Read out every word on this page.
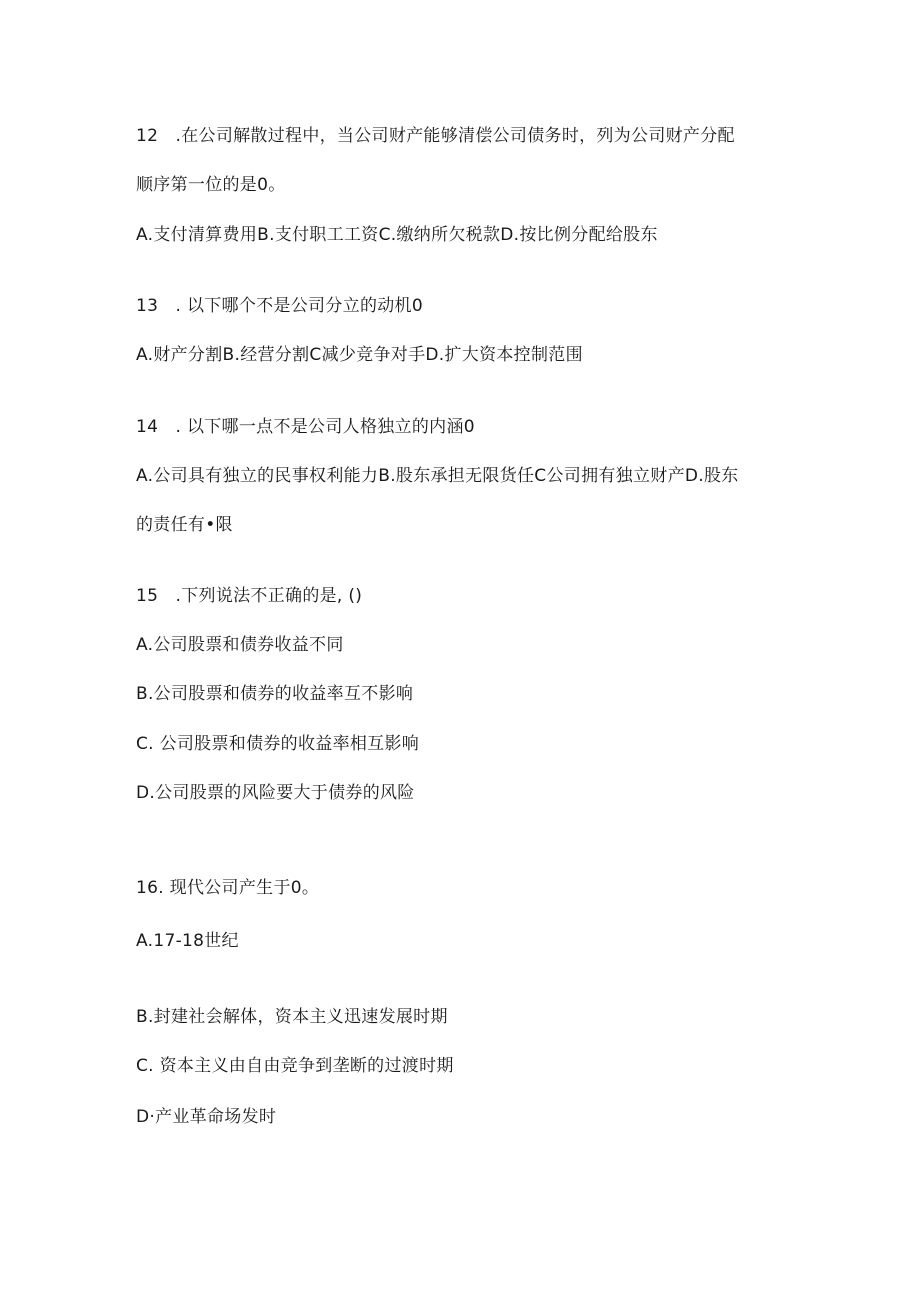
12　.在公司解散过程中，当公司财产能够清偿公司债务时，列为公司财产分配
顺序第一位的是0。
A.支付清算费用B.支付职工工资C.缴纳所欠税款D.按比例分配给股东
13　. 以下哪个不是公司分立的动机0
A.财产分割B.经营分割C减少竞争对手D.扩大资本控制范围
14　. 以下哪一点不是公司人格独立的内涵0
A.公司具有独立的民事权利能力B.股东承担无限货任C公司拥有独立财产D.股东
的责任有•限
15　.下列说法不正确的是, ()
A.公司股票和债券收益不同
B.公司股票和债券的收益率互不影响
C. 公司股票和债券的收益率相互影响
D.公司股票的风险要大于债券的风险
16. 现代公司产生于0。
A.17-18世纪
B.封建社会解体，资本主义迅速发展时期
C. 资本主义由自由竞争到垄断的过渡时期
D·产业革命场发时
